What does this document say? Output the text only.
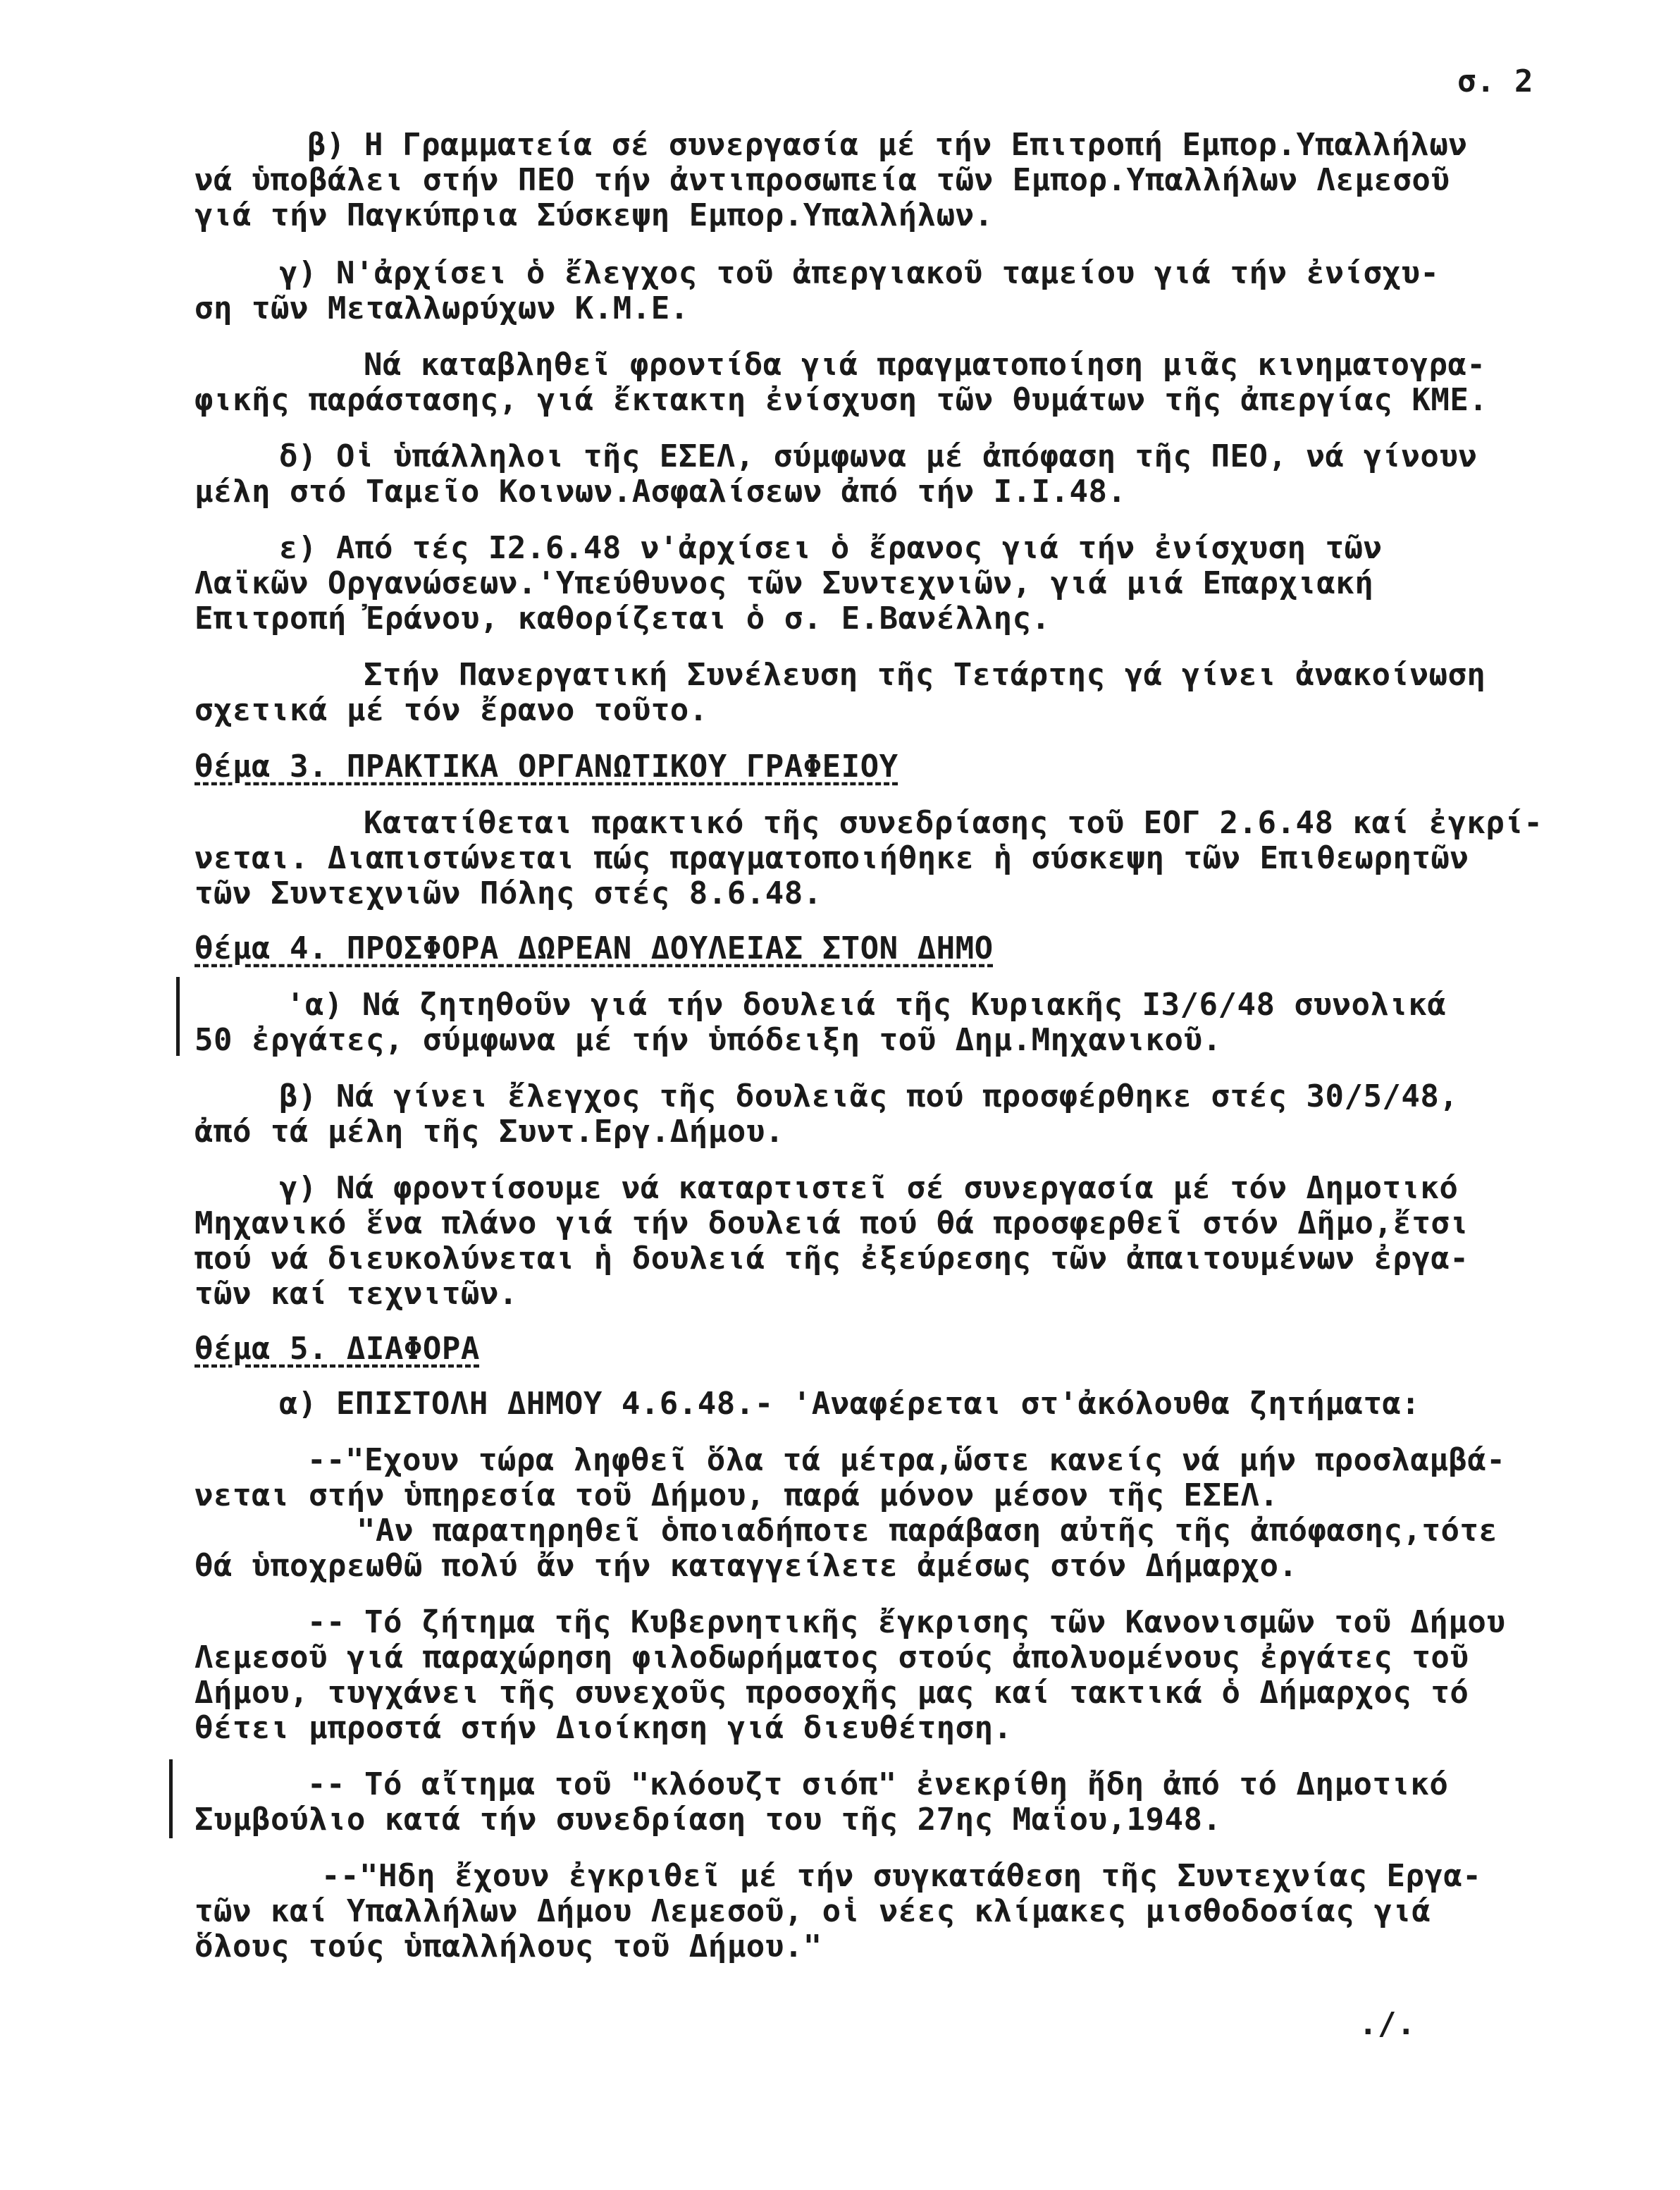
σ. 2
β) Η Γραμματεία σέ συνεργασία μέ τήν Επιτροπή Εμπορ.Υπαλλήλων
νά ὑποβάλει στήν ΠΕΟ τήν ἀντιπροσωπεία τῶν Εμπορ.Υπαλλήλων Λεμεσοῦ
γιά τήν Παγκύπρια Σύσκεψη Εμπορ.Υπαλλήλων.
γ) Ν'ἀρχίσει ὁ ἔλεγχος τοῦ ἀπεργιακοῦ ταμείου γιά τήν ἐνίσχυ-
ση τῶν Μεταλλωρύχων Κ.Μ.Ε.
Νά καταβληθεῖ φροντίδα γιά πραγματοποίηση μιᾶς κινηματογρα-
φικῆς παράστασης, γιά ἔκτακτη ἐνίσχυση τῶν θυμάτων τῆς ἀπεργίας ΚΜΕ.
δ) Οἱ ὑπάλληλοι τῆς ΕΣΕΛ, σύμφωνα μέ ἀπόφαση τῆς ΠΕΟ, νά γίνουν
μέλη στό Ταμεῖο Κοινων.Ασφαλίσεων ἀπό τήν Ι.Ι.48.
ε) Από τές Ι2.6.48 ν'ἀρχίσει ὁ ἔρανος γιά τήν ἐνίσχυση τῶν
Λαϊκῶν Οργανώσεων.'Υπεύθυνος τῶν Συντεχνιῶν, γιά μιά Επαρχιακή
Επιτροπή Ἐράνου, καθορίζεται ὁ σ. Ε.Βανέλλης.
Στήν Πανεργατική Συνέλευση τῆς Τετάρτης γά γίνει ἀνακοίνωση
σχετικά μέ τόν ἔρανο τοῦτο.
θέμα 3. ΠΡΑΚΤΙΚΑ ΟΡΓΑΝΩΤΙΚΟΥ ΓΡΑΦΕΙΟΥ
Κατατίθεται πρακτικό τῆς συνεδρίασης τοῦ ΕΟΓ 2.6.48 καί ἐγκρί-
νεται. Διαπιστώνεται πώς πραγματοποιήθηκε ἡ σύσκεψη τῶν Επιθεωρητῶν
τῶν Συντεχνιῶν Πόλης στές 8.6.48.
θέμα 4. ΠΡΟΣΦΟΡΑ ΔΩΡΕΑΝ ΔΟΥΛΕΙΑΣ ΣΤΟΝ ΔΗΜΟ
'α) Νά ζητηθοῦν γιά τήν δουλειά τῆς Κυριακῆς Ι3/6/48 συνολικά
50 ἐργάτες, σύμφωνα μέ τήν ὑπόδειξη τοῦ Δημ.Μηχανικοῦ.
β) Νά γίνει ἔλεγχος τῆς δουλειᾶς πού προσφέρθηκε στές 30/5/48,
ἀπό τά μέλη τῆς Συντ.Εργ.Δήμου.
γ) Νά φροντίσουμε νά καταρτιστεῖ σέ συνεργασία μέ τόν Δημοτικό
Μηχανικό ἕνα πλάνο γιά τήν δουλειά πού θά προσφερθεῖ στόν Δῆμο,ἔτσι
πού νά διευκολύνεται ἡ δουλειά τῆς ἐξεύρεσης τῶν ἀπαιτουμένων ἐργα-
τῶν καί τεχνιτῶν.
θέμα 5. ΔΙΑΦΟΡΑ
α) ΕΠΙΣΤΟΛΗ ΔΗΜΟΥ 4.6.48.- 'Αναφέρεται στ'ἀκόλουθα ζητήματα:
--"Εχουν τώρα ληφθεῖ ὅλα τά μέτρα,ὥστε κανείς νά μήν προσλαμβά-
νεται στήν ὑπηρεσία τοῦ Δήμου, παρά μόνον μέσον τῆς ΕΣΕΛ.
"Αν παρατηρηθεῖ ὁποιαδήποτε παράβαση αὐτῆς τῆς ἀπόφασης,τότε
θά ὑποχρεωθῶ πολύ ἄν τήν καταγγείλετε ἀμέσως στόν Δήμαρχο.
-- Τό ζήτημα τῆς Κυβερνητικῆς ἔγκρισης τῶν Κανονισμῶν τοῦ Δήμου
Λεμεσοῦ γιά παραχώρηση φιλοδωρήματος στούς ἀπολυομένους ἐργάτες τοῦ
Δήμου, τυγχάνει τῆς συνεχοῦς προσοχῆς μας καί τακτικά ὁ Δήμαρχος τό
θέτει μπροστά στήν Διοίκηση γιά διευθέτηση.
-- Τό αἴτημα τοῦ "κλόουζτ σιόπ" ἐνεκρίθη ἤδη ἀπό τό Δημοτικό
Συμβούλιο κατά τήν συνεδρίαση του τῆς 27ης Μαΐου,1948.
--"Ηδη ἔχουν ἐγκριθεῖ μέ τήν συγκατάθεση τῆς Συντεχνίας Εργα-
τῶν καί Υπαλλήλων Δήμου Λεμεσοῦ, οἱ νέες κλίμακες μισθοδοσίας γιά
ὅλους τούς ὑπαλλήλους τοῦ Δήμου."
./.
